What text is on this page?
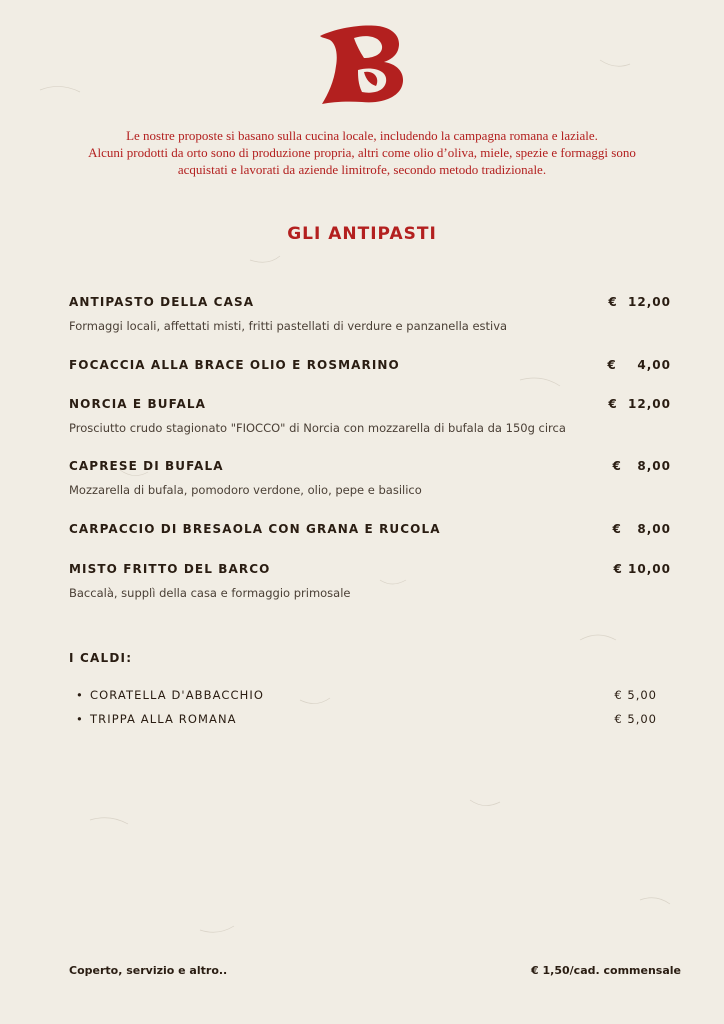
Le nostre proposte si basano sulla cucina locale, includendo la campagna romana e laziale.
Alcuni prodotti da orto sono di produzione propria, altri come olio d’oliva, miele, spezie e formaggi sono
acquistati e lavorati da aziende limitrofe, secondo metodo tradizionale.
GLI ANTIPASTI
ANTIPASTO DELLA CASA	€  12,00
Formaggi locali, affettati misti, fritti pastellati di verdure e panzanella estiva
FOCACCIA ALLA BRACE OLIO E ROSMARINO	€    4,00
NORCIA E BUFALA	€  12,00
Prosciutto crudo stagionato "FIOCCO" di Norcia con mozzarella di bufala da 150g circa
CAPRESE DI BUFALA	€   8,00
Mozzarella di bufala, pomodoro verdone, olio, pepe e basilico
CARPACCIO DI BRESAOLA CON GRANA E RUCOLA	€   8,00
MISTO FRITTO DEL BARCO	€ 10,00
Baccalà, supplì della casa e formaggio primosale
I CALDI:
• CORATELLA D'ABBACCHIO	€ 5,00
• TRIPPA ALLA ROMANA	€ 5,00
Coperto, servizio e altro..	€ 1,50/cad. commensale
